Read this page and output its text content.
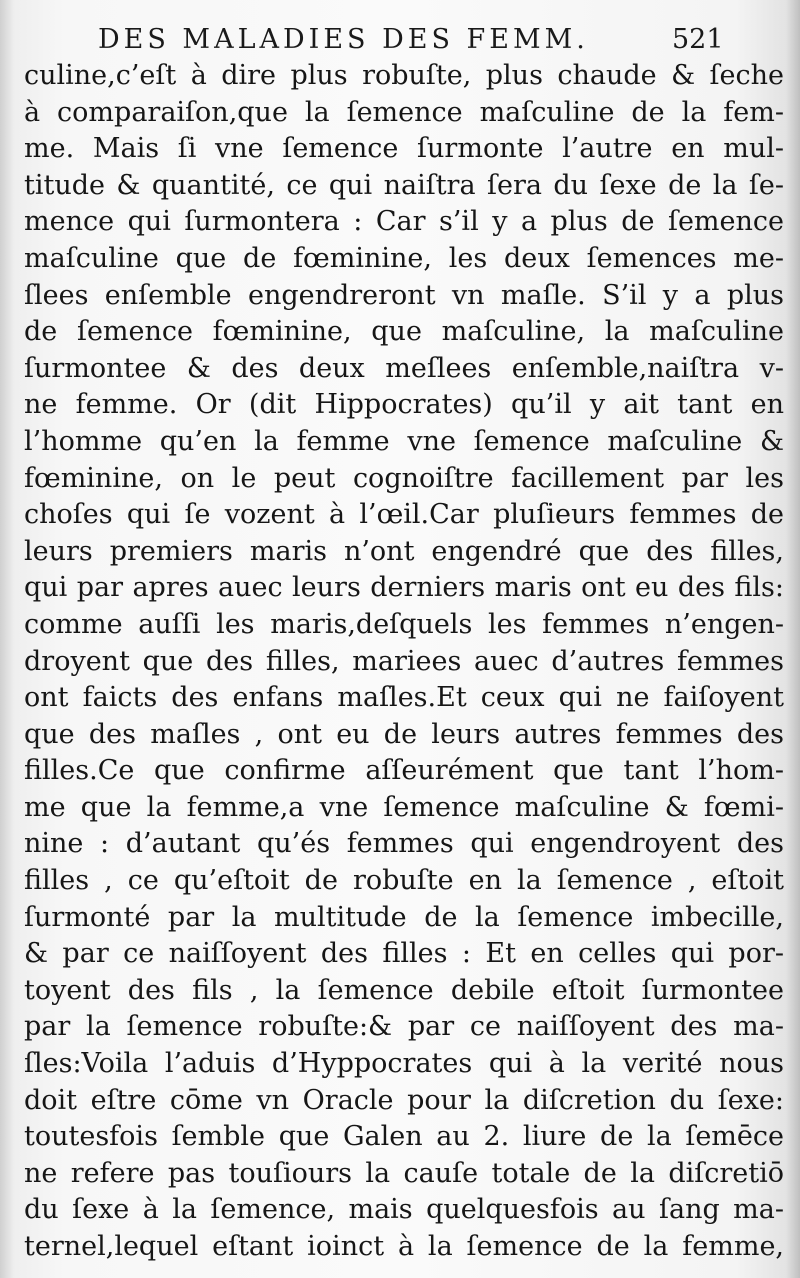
DES MALADIES DES FEMM.	521
culine,c’eſt à dire plus robuſte, plus chaude & ſeche
à comparaiſon,que la ſemence maſculine de la fem-
me. Mais ſi vne ſemence ſurmonte l’autre en mul-
titude & quantité, ce qui naiſtra ſera du ſexe de la ſe-
mence qui ſurmontera : Car s’il y a plus de ſemence
maſculine que de fœminine, les deux ſemences me-
ſlees enſemble engendreront vn maſle. S’il y a plus
de ſemence fœminine, que maſculine, la maſculine
ſurmontee & des deux meſlees enſemble,naiſtra v-
ne femme. Or (dit Hippocrates) qu’il y ait tant en
l’homme qu’en la femme vne ſemence maſculine &
fœminine, on le peut cognoiſtre facillement par les
choſes qui ſe vozent à l’œil.Car pluſieurs femmes de
leurs premiers maris n’ont engendré que des filles,
qui par apres auec leurs derniers maris ont eu des fils:
comme auſſi les maris,deſquels les femmes n’engen-
droyent que des filles, mariees auec d’autres femmes
ont faicts des enfans maſles.Et ceux qui ne faiſoyent
que des maſles , ont eu de leurs autres femmes des
filles.Ce que confirme aſſeurément que tant l’hom-
me que la femme,a vne ſemence maſculine & fœmi-
nine : d’autant qu’és femmes qui engendroyent des
filles , ce qu’eſtoit de robuſte en la ſemence , eſtoit
ſurmonté par la multitude de la ſemence imbecille,
& par ce naiſſoyent des filles : Et en celles qui por-
toyent des fils , la ſemence debile eſtoit ſurmontee
par la ſemence robuſte:& par ce naiſſoyent des ma-
ſles:Voila l’aduis d’Hyppocrates qui à la verité nous
doit eſtre cōme vn Oracle pour la diſcretion du ſexe:
toutesfois ſemble que Galen au 2. liure de la ſemēce
ne refere pas touſiours la cauſe totale de la diſcretiō
du ſexe à la ſemence, mais quelquesfois au ſang ma-
ternel,lequel eſtant ioinct à la ſemence de la femme,
